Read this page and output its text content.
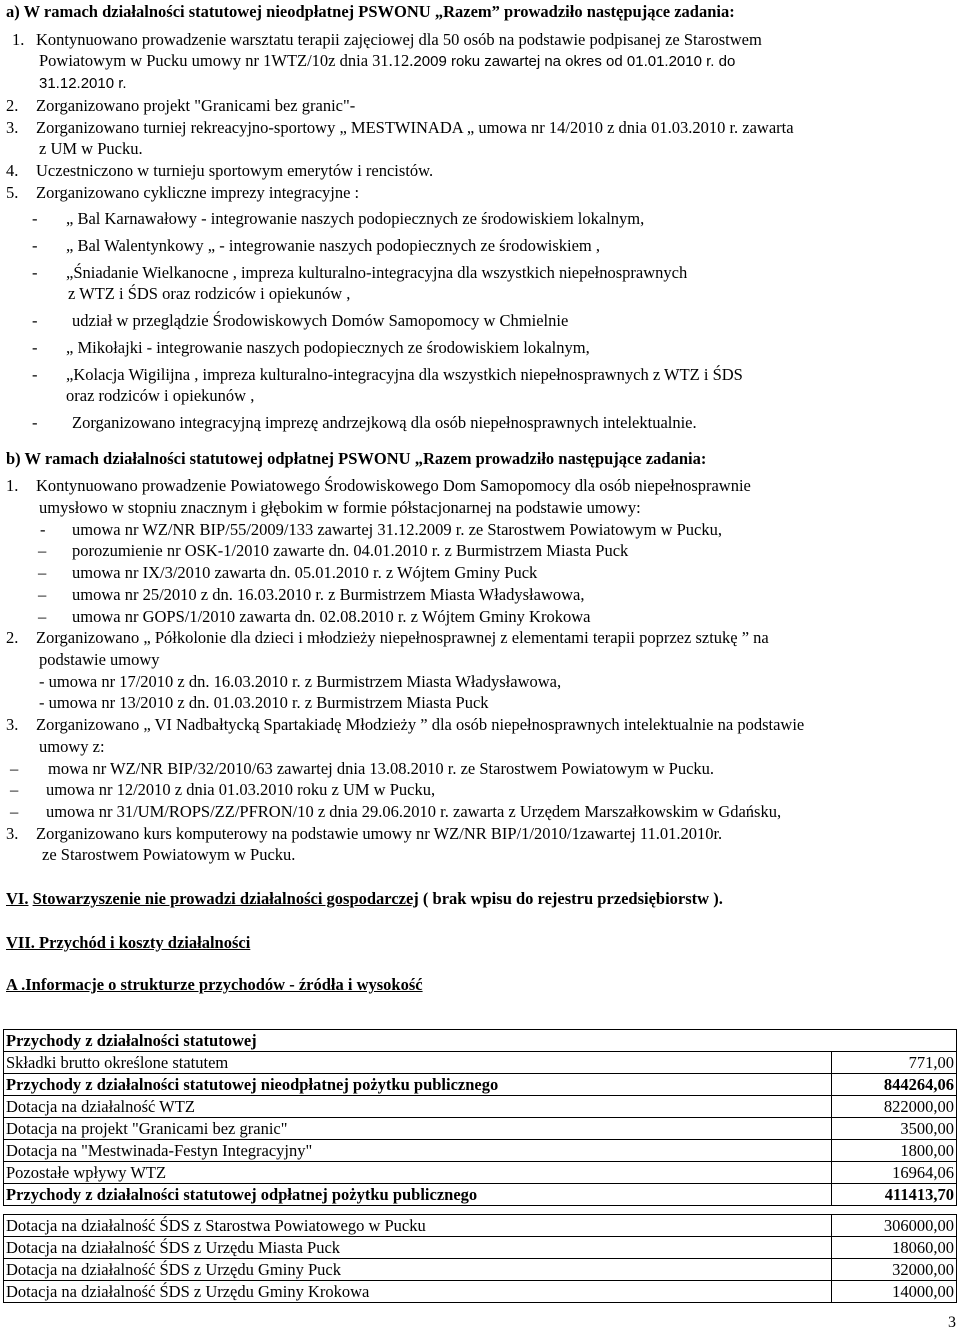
a) W ramach działalności statutowej nieodpłatnej PSWONU „Razem” prowadziło następujące zadania:
1. Kontynuowano prowadzenie warsztatu terapii zajęciowej dla 50 osób na podstawie podpisanej ze Starostwem
Powiatowym w Pucku umowy nr 1WTZ/10z dnia 31.12.2009 roku zawartej na okres od 01.01.2010 r. do
31.12.2010 r.
2. Zorganizowano projekt "Granicami bez granic"-
3. Zorganizowano turniej rekreacyjno-sportowy „ MESTWINADA „ umowa nr 14/2010 z dnia 01.03.2010 r. zawarta
z UM w Pucku.
4. Uczestniczono w turnieju sportowym emerytów i rencistów.
5. Zorganizowano cykliczne imprezy integracyjne :
-	„ Bal Karnawałowy - integrowanie naszych podopiecznych ze środowiskiem lokalnym,
-	„ Bal Walentynkowy „ - integrowanie naszych podopiecznych ze środowiskiem ,
-	„Śniadanie Wielkanocne , impreza kulturalno-integracyjna dla wszystkich niepełnosprawnych
z WTZ i ŚDS oraz rodziców i opiekunów ,
-	udział w przeglądzie Środowiskowych Domów Samopomocy w Chmielnie
-	„ Mikołajki - integrowanie naszych podopiecznych ze środowiskiem lokalnym,
-	„Kolacja Wigilijna , impreza kulturalno-integracyjna dla wszystkich niepełnosprawnych z WTZ i ŚDS
oraz rodziców i opiekunów ,
-	Zorganizowano integracyjną imprezę andrzejkową dla osób niepełnosprawnych intelektualnie.
b) W ramach działalności statutowej odpłatnej PSWONU „Razem prowadziło następujące zadania:
1. Kontynuowano prowadzenie Powiatowego Środowiskowego Dom Samopomocy dla osób niepełnosprawnie
umysłowo w stopniu znacznym i głębokim w formie półstacjonarnej na podstawie umowy:
-	umowa nr WZ/NR BIP/55/2009/133 zawartej 31.12.2009 r. ze Starostwem Powiatowym w Pucku,
–	porozumienie nr OSK-1/2010 zawarte dn. 04.01.2010 r. z Burmistrzem Miasta Puck
–	umowa nr IX/3/2010 zawarta dn. 05.01.2010 r. z Wójtem Gminy Puck
–	umowa nr 25/2010 z dn. 16.03.2010 r. z Burmistrzem Miasta Władysławowa,
–	umowa nr GOPS/1/2010 zawarta dn. 02.08.2010 r. z Wójtem Gminy Krokowa
2. Zorganizowano „ Półkolonie dla dzieci i młodzieży niepełnosprawnej z elementami terapii poprzez sztukę ” na
podstawie umowy
- umowa nr 17/2010 z dn. 16.03.2010 r. z Burmistrzem Miasta Władysławowa,
- umowa nr 13/2010 z dn. 01.03.2010 r. z Burmistrzem Miasta Puck
3. Zorganizowano „ VI Nadbałtycką Spartakiadę Młodzieży ” dla osób niepełnosprawnych intelektualnie na podstawie
umowy z:
–	mowa nr WZ/NR BIP/32/2010/63 zawartej dnia 13.08.2010 r. ze Starostwem Powiatowym w Pucku.
–	umowa nr 12/2010 z dnia 01.03.2010 roku z UM w Pucku,
–	umowa nr 31/UM/ROPS/ZZ/PFRON/10 z dnia 29.06.2010 r. zawarta z Urzędem Marszałkowskim w Gdańsku,
3. Zorganizowano kurs komputerowy na podstawie umowy nr WZ/NR BIP/1/2010/1zawartej 11.01.2010r.
ze Starostwem Powiatowym w Pucku.
VI. Stowarzyszenie nie prowadzi działalności gospodarczej ( brak wpisu do rejestru przedsiębiorstw ).
VII. Przychód i koszty działalności
A .Informacje o strukturze przychodów - źródła i wysokość
Przychody z działalności statutowej	
Składki brutto określone statutem	771,00
Przychody z działalności statutowej nieodpłatnej pożytku publicznego	844264,06
Dotacja na działalność WTZ	822000,00
Dotacja na projekt "Granicami bez granic"	3500,00
Dotacja na "Mestwinada-Festyn Integracyjny"	1800,00
Pozostałe wpływy WTZ	16964,06
Przychody z działalności statutowej odpłatnej pożytku publicznego	411413,70

Dotacja na działalność ŚDS z Starostwa Powiatowego w Pucku	306000,00
Dotacja na działalność ŚDS z Urzędu Miasta Puck	18060,00
Dotacja na działalność ŚDS z Urzędu Gminy Puck	32000,00
Dotacja na działalność ŚDS z Urzędu Gminy Krokowa	14000,00
3
